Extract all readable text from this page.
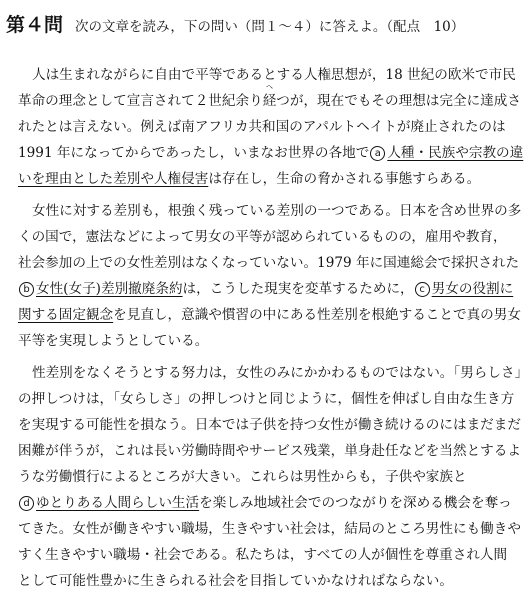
第４問 次の文章を読み，下の問い（問１～４）に答えよ。（配点　10）
人は生まれながらに自由で平等であるとする人権思想が，18 世紀の欧米で市民
革命の理念として宣言されて２世紀余り経
へ
つが，現在でもその理想は完全に達成さ
れたとは言えない。例えば南アフリカ共和国のアパルトヘイトが廃止されたのは
1991 年になってからであったし，いまなお世界の各地で a 人種・民族や宗教の違
いを理由とした差別や人権侵害は存在し，生命の脅かされる事態すらある。
女性に対する差別も，根強く残っている差別の一つである。日本を含め世界の多
くの国で，憲法などによって男女の平等が認められているものの，雇用や教育，
社会参加の上での女性差別はなくなっていない。1979 年に国連総会で採択された
b 女性(女子)差別撤廃条約は，こうした現実を変革するために， c 男女の役割に
関する固定観念を見直し，意識や慣習の中にある性差別を根絶することで真の男女
平等を実現しようとしている。
性差別をなくそうとする努力は，女性のみにかかわるものではない。「男らしさ」
の押しつけは，「女らしさ」の押しつけと同じように，個性を伸ばし自由な生き方
を実現する可能性を損なう。日本では子供を持つ女性が働き続けるのにはまだまだ
困難が伴うが，これは長い労働時間やサービス残業，単身赴任などを当然とするよ
うな労働慣行によるところが大きい。これらは男性からも，子供や家族と
d ゆとりある人間らしい生活を楽しみ地域社会でのつながりを深める機会を奪っ
てきた。女性が働きやすい職場，生きやすい社会は，結局のところ男性にも働きや
すく生きやすい職場・社会である。私たちは，すべての人が個性を尊重され人間
として可能性豊かに生きられる社会を目指していかなければならない。
